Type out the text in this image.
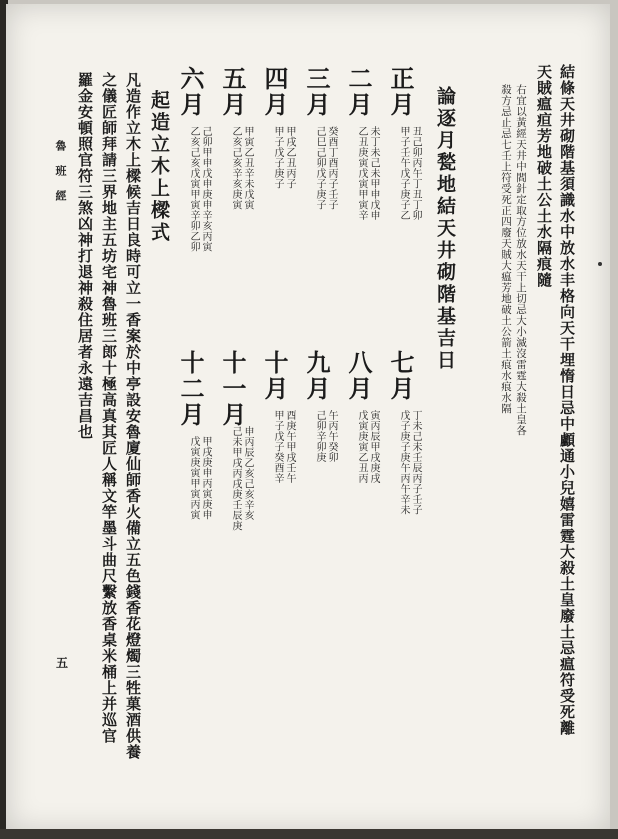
結條天井砌階基須識水中放水丰格向天干埋惰日忌中顱通小兒嬉雷霆大殺土皇廢土忌瘟符受死離
天賊瘟疸芳地破土公土水隔痕隨
右宜以黃經天井中閻針定取方位放水天干上切忌大小滅沒雷霆大殺土皇各
殺方忌止忌七壬上符受死正四廢天賊大瘟芳地破土公箭土痕水痕水隔
論逐月甃地結天井砌階基吉日
正月
甲子壬午戊子庚子乙 丑己卯丙午丁丑丁卯
二月
乙丑庚寅戊寅甲寅辛 未丁未己未甲申戊申
三月
己巳己卯戊子庚子 癸酉丁酉丙子壬子
四月
甲子戊子庚子 甲戌乙丑丙子
五月
乙亥己亥辛亥庚寅 甲寅乙丑辛未戊寅
六月
乙亥己亥戊寅甲寅辛卯乙卯 己卯甲申戊申庚申辛亥丙寅
七月
戊子庚子庚午丙午辛未 丁未己未壬辰丙子壬子
八月
戊寅庚寅乙丑丙 寅丙辰甲戌庚戌
九月
己卯辛卯庚 午丙午癸卯
十月
甲子戊子癸酉辛 酉庚午甲戌壬午
十一月
己未甲戌丙戌庚壬辰庚 申丙辰乙亥己亥辛亥
十二月
戊寅庚寅甲寅丙寅 甲戌庚申丙寅庚申
起造立木上樑式
凡造作立木上樑候吉日良時可立一香案於中亭設安魯廈仙師香火備立五色錢香花燈燭三牲菓酒供養
之儀匠師拜請三界地主五坊宅神魯班三郎十極高真其匠人稱文竿墨斗曲尺繫放香桌米桶上并巡官
羅金安頓照官符三煞凶神打退神殺住居者永遠吉昌也
魯班經
五
